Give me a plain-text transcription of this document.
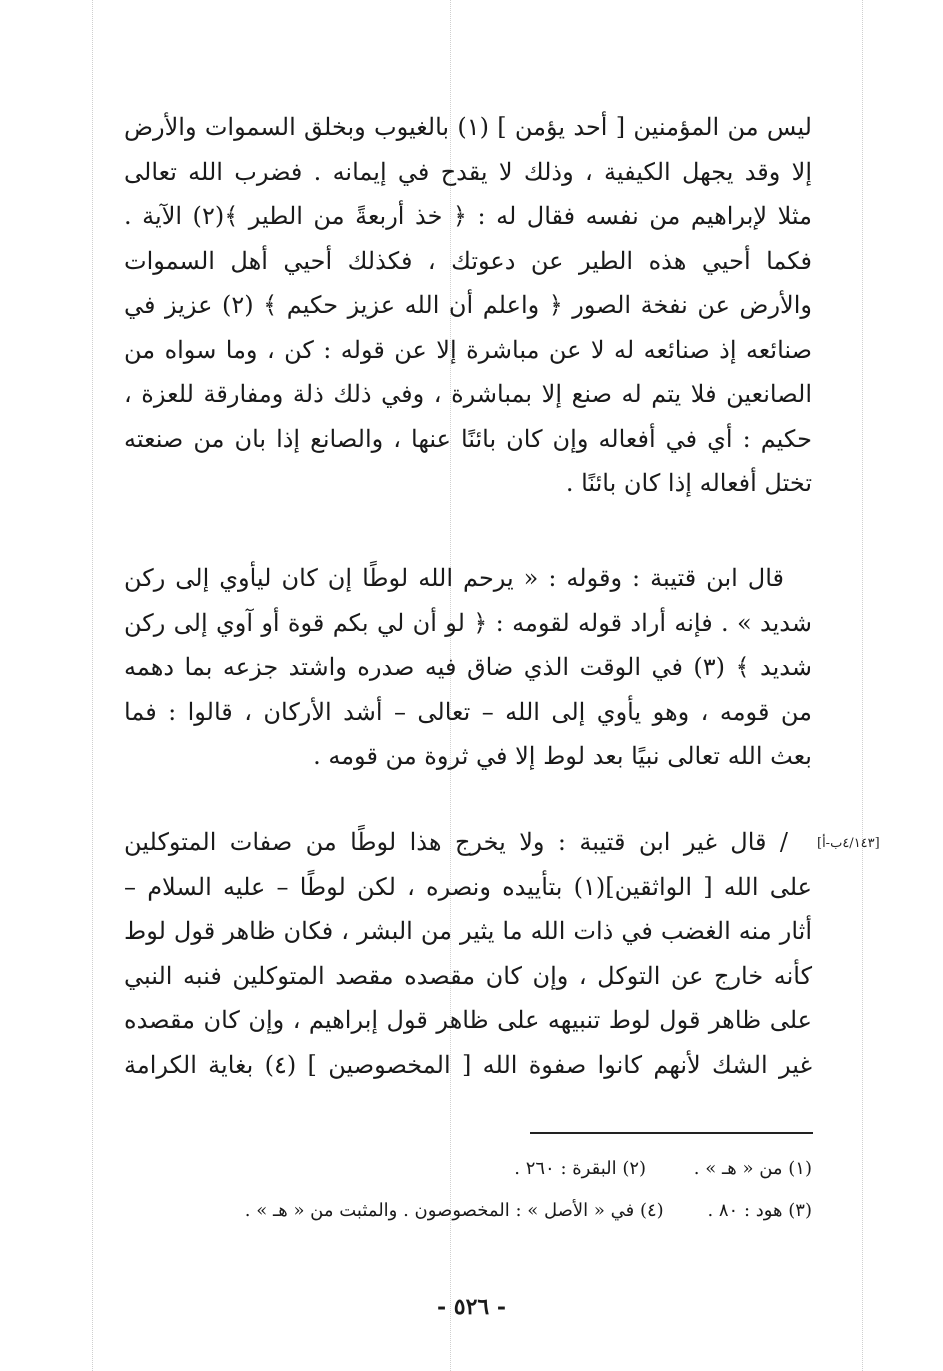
ليس من المؤمنين [ أحد يؤمن ] (١) بالغيوب وبخلق السموات والأرض
إلا وقد يجهل الكيفية ، وذلك لا يقدح في إيمانه . فضرب الله تعالى
مثلا لإبراهيم من نفسه فقال له : ﴿ خذ أربعةً من الطير ﴾(٢) الآية .
فكما أحيي هذه الطير عن دعوتك ، فكذلك أحيي أهل السموات
والأرض عن نفخة الصور ﴿ واعلم أن الله عزيز حكيم ﴾ (٢) عزيز في
صنائعه إذ صنائعه له لا عن مباشرة إلا عن قوله : كن ، وما سواه من
الصانعين فلا يتم له صنع إلا بمباشرة ، وفي ذلك ذلة ومفارقة للعزة ،
حكيم : أي في أفعاله وإن كان بائنًا عنها ، والصانع إذا بان من صنعته
تختل أفعاله إذا كان بائنًا .
قال ابن قتيبة : وقوله : « يرحم الله لوطًا إن كان ليأوي إلى ركن
شديد » . فإنه أراد قوله لقومه : ﴿ لو أن لي بكم قوة أو آوي إلى ركن
شديد ﴾ (٣) في الوقت الذي ضاق فيه صدره واشتد جزعه بما دهمه
من قومه ، وهو يأوي إلى الله – تعالى – أشد الأركان ، قالوا : فما
بعث الله تعالى نبيًا بعد لوط إلا في ثروة من قومه .
[٤/١٤٣ب-أ]
/ قال غير ابن قتيبة : ولا يخرج هذا لوطًا من صفات المتوكلين
على الله [ الواثقين](١) بتأييده ونصره ، لكن لوطًا – عليه السلام –
أثار منه الغضب في ذات الله ما يثير من البشر ، فكان ظاهر قول لوط
كأنه خارج عن التوكل ، وإن كان مقصده مقصد المتوكلين فنبه النبي
على ظاهر قول لوط تنبيهه على ظاهر قول إبراهيم ، وإن كان مقصده
غير الشك لأنهم كانوا صفوة الله [ المخصوصين ] (٤) بغاية الكرامة
(١) من « هـ » . (٢) البقرة : ٢٦٠ .
(٣) هود : ٨٠ . (٤) في « الأصل » : المخصوصون . والمثبت من « هـ » .
- ٥٢٦ -
